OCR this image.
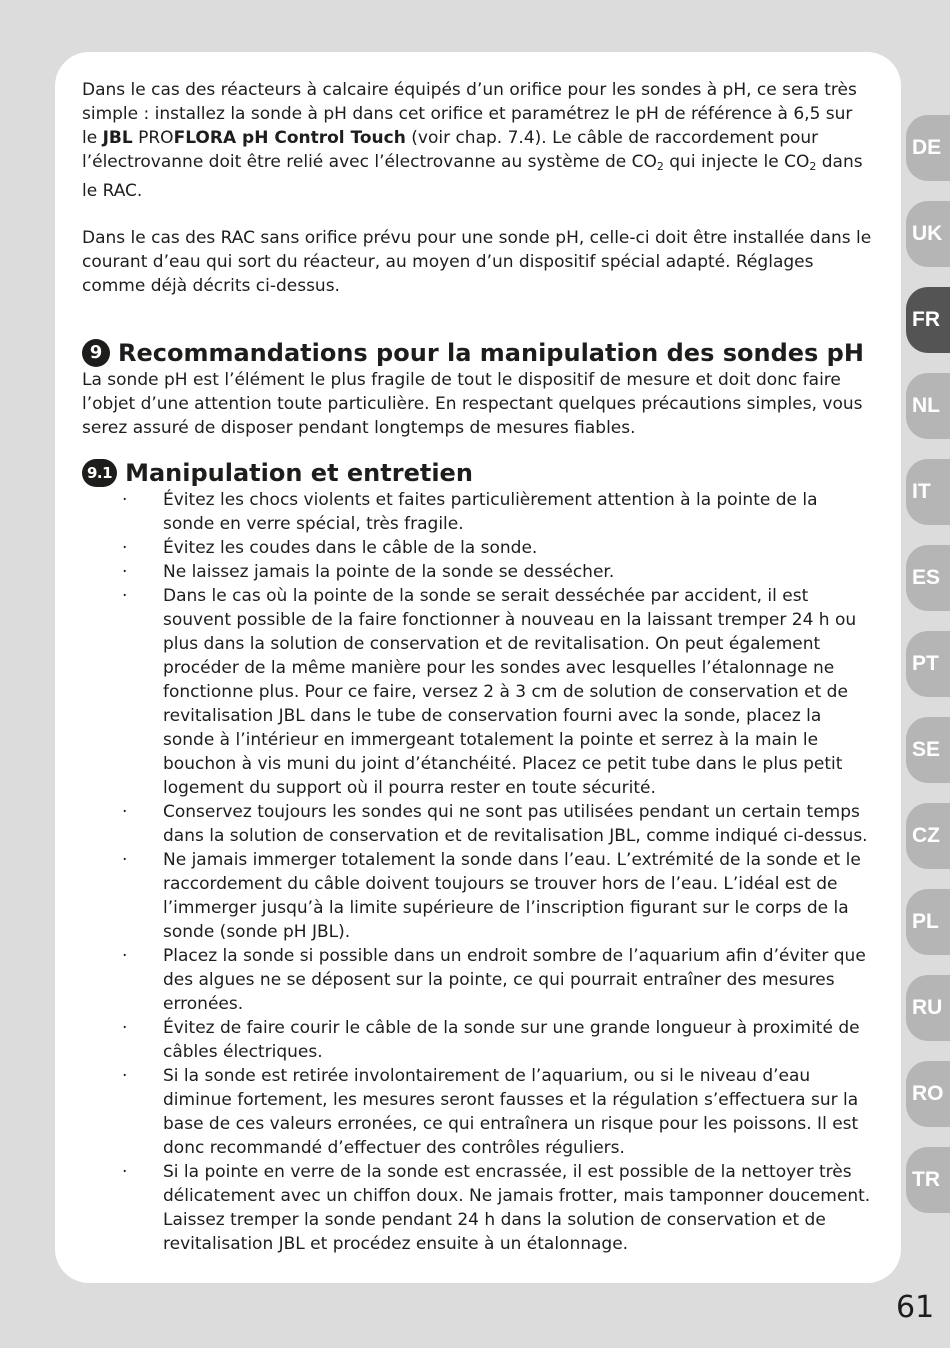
Dans le cas des réacteurs à calcaire équipés d’un orifice pour les sondes à pH, ce sera très simple : installez la sonde à pH dans cet orifice et paramétrez le pH de référence à 6,5 sur le JBL PROFLORA pH Control Touch (voir chap. 7.4). Le câble de raccordement pour l’électrovanne doit être relié avec l’électrovanne au système de $CO_2$ qui injecte le $CO_2$ dans le RAC.

Dans le cas des RAC sans orifice prévu pour une sonde pH, celle-ci doit être installée dans le courant d’eau qui sort du réacteur, au moyen d’un dispositif spécial adapté. Réglages comme déjà décrits ci-dessus.

9 Recommandations pour la manipulation des sondes pH

La sonde pH est l’élément le plus fragile de tout le dispositif de mesure et doit donc faire l’objet d’une attention toute particulière. En respectant quelques précautions simples, vous serez assuré de disposer pendant longtemps de mesures fiables.

9.1 Manipulation et entretien
· Évitez les chocs violents et faites particulièrement attention à la pointe de la sonde en verre spécial, très fragile.
· Évitez les coudes dans le câble de la sonde.
· Ne laissez jamais la pointe de la sonde se dessécher.
· Dans le cas où la pointe de la sonde se serait desséchée par accident, il est souvent possible de la faire fonctionner à nouveau en la laissant tremper 24 h ou plus dans la solution de conservation et de revitalisation. On peut également procéder de la même manière pour les sondes avec lesquelles l’étalonnage ne fonctionne plus. Pour ce faire, versez 2 à 3 cm de solution de conservation et de revitalisation JBL dans le tube de conservation fourni avec la sonde, placez la sonde à l’intérieur en immergeant totalement la pointe et serrez à la main le bouchon à vis muni du joint d’étanchéité. Placez ce petit tube dans le plus petit logement du support où il pourra rester en toute sécurité.
· Conservez toujours les sondes qui ne sont pas utilisées pendant un certain temps dans la solution de conservation et de revitalisation JBL, comme indiqué ci-dessus.
· Ne jamais immerger totalement la sonde dans l’eau. L’extrémité de la sonde et le raccordement du câble doivent toujours se trouver hors de l’eau. L’idéal est de l’immerger jusqu’à la limite supérieure de l’inscription figurant sur le corps de la sonde (sonde pH JBL).
· Placez la sonde si possible dans un endroit sombre de l’aquarium afin d’éviter que des algues ne se déposent sur la pointe, ce qui pourrait entraîner des mesures erronées.
· Évitez de faire courir le câble de la sonde sur une grande longueur à proximité de câbles électriques.
· Si la sonde est retirée involontairement de l’aquarium, ou si le niveau d’eau diminue fortement, les mesures seront fausses et la régulation s’effectuera sur la base de ces valeurs erronées, ce qui entraînera un risque pour les poissons. Il est donc recommandé d’effectuer des contrôles réguliers.
· Si la pointe en verre de la sonde est encrassée, il est possible de la nettoyer très délicatement avec un chiffon doux. Ne jamais frotter, mais tamponner doucement. Laissez tremper la sonde pendant 24 h dans la solution de conservation et de revitalisation JBL et procédez ensuite à un étalonnage.
DE
UK
FR
NL
IT
ES
PT
SE
CZ
PL
RU
RO
TR
61
